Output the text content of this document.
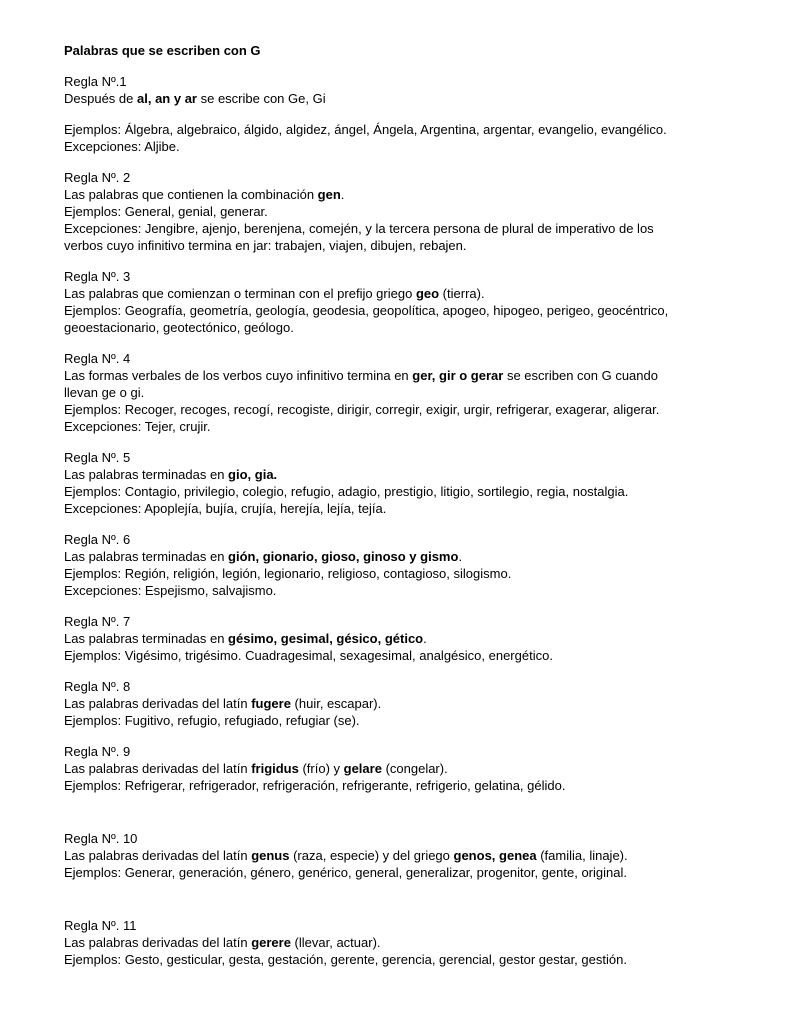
Palabras que se escriben con G
Regla Nº.1
Después de al, an y ar se escribe con Ge, Gi
Ejemplos: Álgebra, algebraico, álgido, algidez, ángel, Ángela, Argentina, argentar, evangelio, evangélico.
Excepciones: Aljibe.
Regla Nº. 2
Las palabras que contienen la combinación gen.
Ejemplos: General, genial, generar.
Excepciones: Jengibre, ajenjo, berenjena, comején, y la tercera persona de plural de imperativo de los
verbos cuyo infinitivo termina en jar: trabajen, viajen, dibujen, rebajen.
Regla Nº. 3
Las palabras que comienzan o terminan con el prefijo griego geo (tierra).
Ejemplos: Geografía, geometría, geología, geodesia, geopolítica, apogeo, hipogeo, perigeo, geocéntrico,
geoestacionario, geotectónico, geólogo.
Regla Nº. 4
Las formas verbales de los verbos cuyo infinitivo termina en ger, gir o gerar se escriben con G cuando
llevan ge o gi.
Ejemplos: Recoger, recoges, recogí, recogiste, dirigir, corregir, exigir, urgir, refrigerar, exagerar, aligerar.
Excepciones: Tejer, crujir.
Regla Nº. 5
Las palabras terminadas en gio, gia.
Ejemplos: Contagio, privilegio, colegio, refugio, adagio, prestigio, litigio, sortilegio, regia, nostalgia.
Excepciones: Apoplejía, bujía, crujía, herejía, lejía, tejía.
Regla Nº. 6
Las palabras terminadas en gión, gionario, gioso, ginoso y gismo.
Ejemplos: Región, religión, legión, legionario, religioso, contagioso, silogismo.
Excepciones: Espejismo, salvajismo.
Regla Nº. 7
Las palabras terminadas en gésimo, gesimal, gésico, gético.
Ejemplos: Vigésimo, trigésimo. Cuadragesimal, sexagesimal, analgésico, energético.
Regla Nº. 8
Las palabras derivadas del latín fugere (huir, escapar).
Ejemplos: Fugitivo, refugio, refugiado, refugiar (se).
Regla Nº. 9
Las palabras derivadas del latín frigidus (frío) y gelare (congelar).
Ejemplos: Refrigerar, refrigerador, refrigeración, refrigerante, refrigerio, gelatina, gélido.
Regla Nº. 10
Las palabras derivadas del latín genus (raza, especie) y del griego genos, genea (familia, linaje).
Ejemplos: Generar, generación, género, genérico, general, generalizar, progenitor, gente, original.
Regla Nº. 11
Las palabras derivadas del latín gerere (llevar, actuar).
Ejemplos: Gesto, gesticular, gesta, gestación, gerente, gerencia, gerencial, gestor gestar, gestión.
